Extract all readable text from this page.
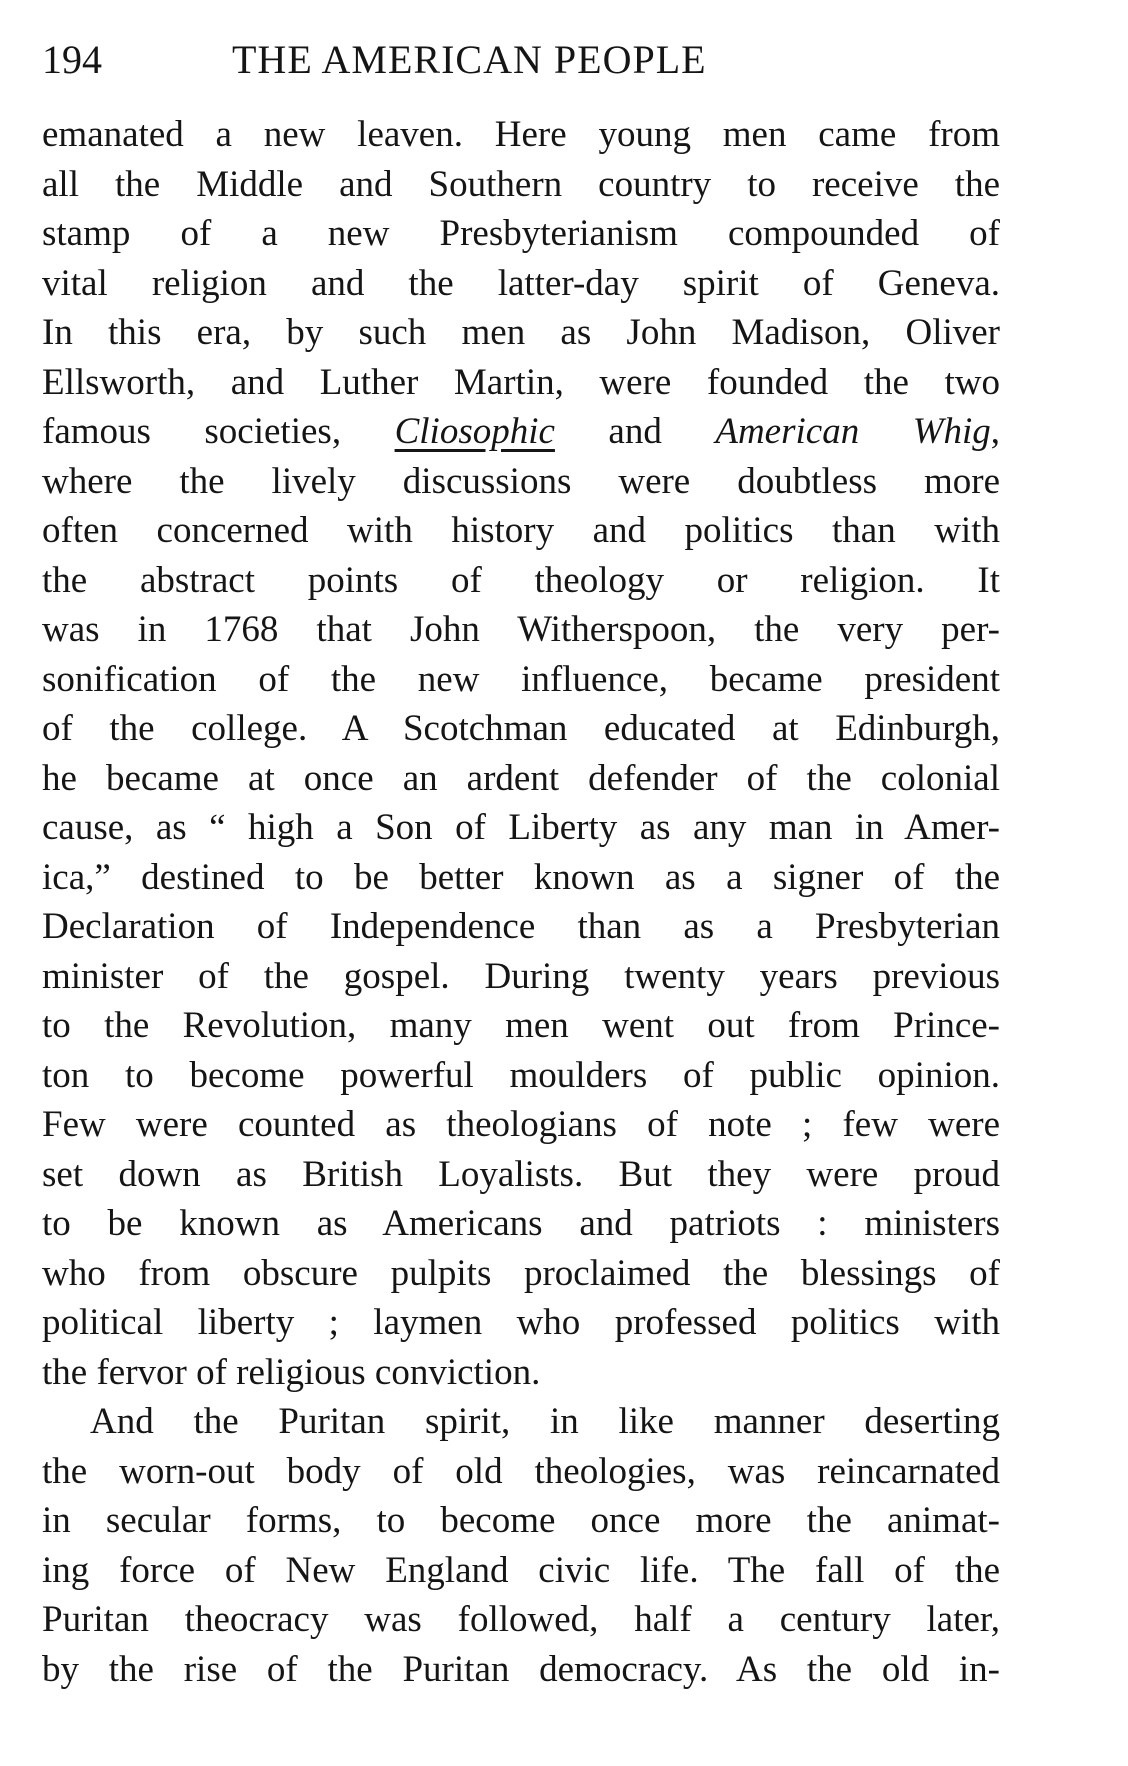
194	THE AMERICAN PEOPLE
emanated a new leaven. Here young men came from
all the Middle and Southern country to receive the
stamp of a new Presbyterianism compounded of
vital religion and the latter-day spirit of Geneva.
In this era, by such men as John Madison, Oliver
Ellsworth, and Luther Martin, were founded the two
famous societies, Cliosophic and American Whig,
where the lively discussions were doubtless more
often concerned with history and politics than with
the abstract points of theology or religion. It
was in 1768 that John Witherspoon, the very per-
sonification of the new influence, became president
of the college. A Scotchman educated at Edinburgh,
he became at once an ardent defender of the colonial
cause, as “ high a Son of Liberty as any man in Amer-
ica,” destined to be better known as a signer of the
Declaration of Independence than as a Presbyterian
minister of the gospel. During twenty years previous
to the Revolution, many men went out from Prince-
ton to become powerful moulders of public opinion.
Few were counted as theologians of note ; few were
set down as British Loyalists. But they were proud
to be known as Americans and patriots : ministers
who from obscure pulpits proclaimed the blessings of
political liberty ; laymen who professed politics with
the fervor of religious conviction.
And the Puritan spirit, in like manner deserting
the worn-out body of old theologies, was reincarnated
in secular forms, to become once more the animat-
ing force of New England civic life. The fall of the
Puritan theocracy was followed, half a century later,
by the rise of the Puritan democracy. As the old in-
